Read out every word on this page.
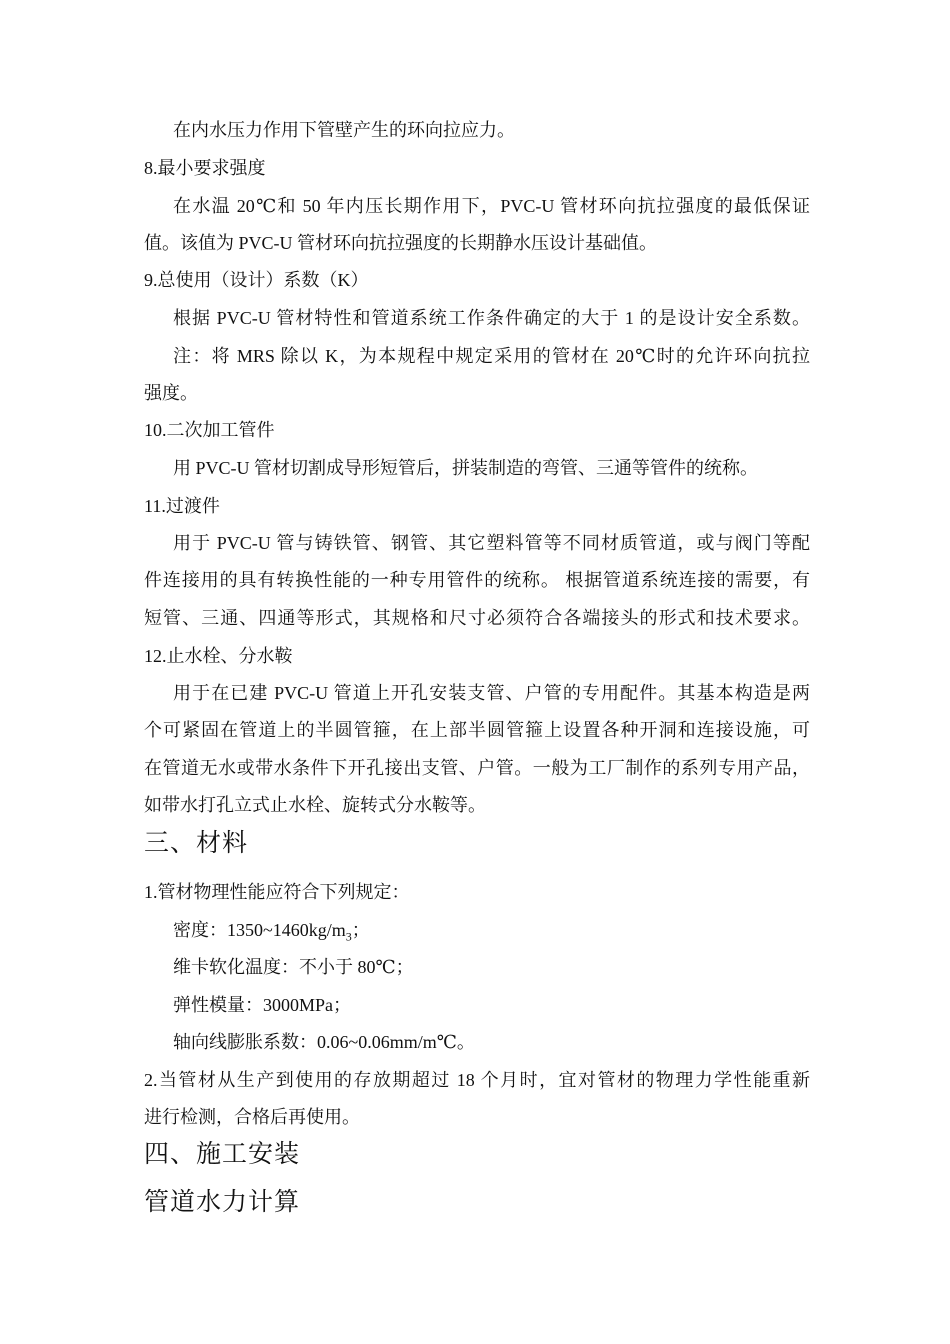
在内水压力作用下管壁产生的环向拉应力。
8.最小要求强度
在水温 20℃和 50 年内压长期作用下，PVC-U 管材环向抗拉强度的最低保证
值。该值为 PVC-U 管材环向抗拉强度的长期静水压设计基础值。
9.总使用（设计）系数（K）
根据 PVC-U 管材特性和管道系统工作条件确定的大于 1 的是设计安全系数。
注：将 MRS 除以 K，为本规程中规定采用的管材在 20℃时的允许环向抗拉
强度。
10.二次加工管件
用 PVC-U 管材切割成导形短管后，拼装制造的弯管、三通等管件的统称。
11.过渡件
用于 PVC-U 管与铸铁管、钢管、其它塑料管等不同材质管道，或与阀门等配
件连接用的具有转换性能的一种专用管件的统称。 根据管道系统连接的需要，有
短管、三通、四通等形式，其规格和尺寸必须符合各端接头的形式和技术要求。
12.止水栓、分水鞍
用于在已建 PVC-U 管道上开孔安装支管、户管的专用配件。其基本构造是两
个可紧固在管道上的半圆管箍，在上部半圆管箍上设置各种开洞和连接设施，可
在管道无水或带水条件下开孔接出支管、户管。一般为工厂制作的系列专用产品，
如带水打孔立式止水栓、旋转式分水鞍等。
三、材料
1.管材物理性能应符合下列规定：
密度：$1350\sim 1460kg/m_3$；
维卡软化温度：不小于 80℃；
弹性模量：3000MPa；
轴向线膨胀系数：0.06~0.06mm/m℃。
2.当管材从生产到使用的存放期超过 18 个月时，宜对管材的物理力学性能重新
进行检测，合格后再使用。
四、施工安装
管道水力计算
